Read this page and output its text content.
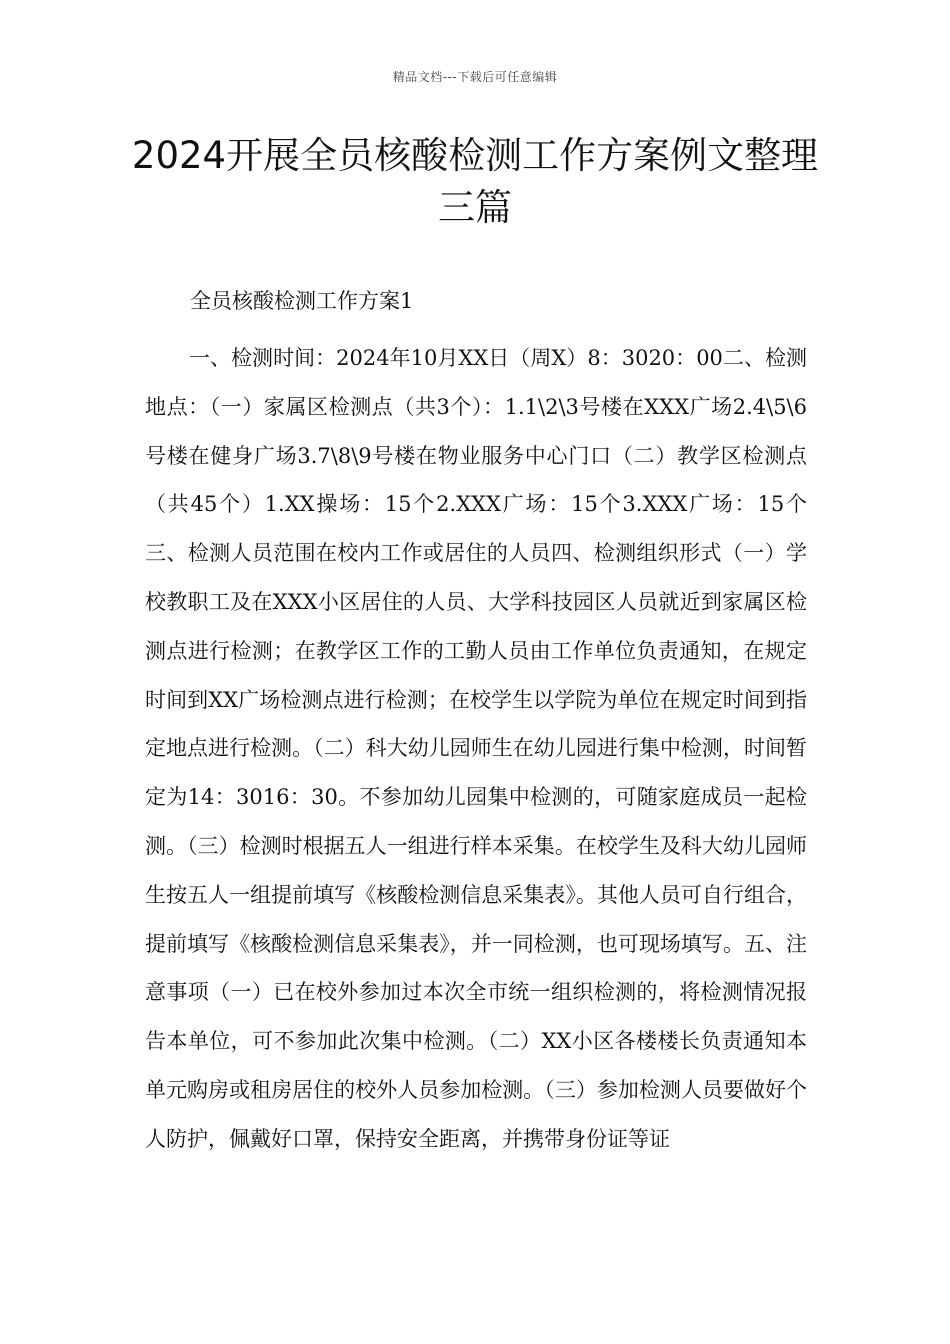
精品文档---下载后可任意编辑
2024开展全员核酸检测工作方案例文整理三篇

全员核酸检测工作方案1

一、检测时间：2024年10月XX日（周X）8：3020：00二、检测地点：（一）家属区检测点（共3个）：1.1\2\3号楼在XXX广场2.4\5\6号楼在健身广场3.7\8\9号楼在物业服务中心门口（二）教学区检测点（共45个）1.XX操场：15个2.XXX广场：15个3.XXX广场：15个三、检测人员范围在校内工作或居住的人员四、检测组织形式（一）学校教职工及在XXX小区居住的人员、大学科技园区人员就近到家属区检测点进行检测；在教学区工作的工勤人员由工作单位负责通知，在规定时间到XX广场检测点进行检测；在校学生以学院为单位在规定时间到指定地点进行检测。（二）科大幼儿园师生在幼儿园进行集中检测，时间暂定为14：3016：30。不参加幼儿园集中检测的，可随家庭成员一起检测。（三）检测时根据五人一组进行样本采集。在校学生及科大幼儿园师生按五人一组提前填写《核酸检测信息采集表》。其他人员可自行组合，提前填写《核酸检测信息采集表》，并一同检测，也可现场填写。五、注意事项（一）已在校外参加过本次全市统一组织检测的，将检测情况报告本单位，可不参加此次集中检测。（二）XX小区各楼楼长负责通知本单元购房或租房居住的校外人员参加检测。（三）参加检测人员要做好个人防护，佩戴好口罩，保持安全距离，并携带身份证等证
